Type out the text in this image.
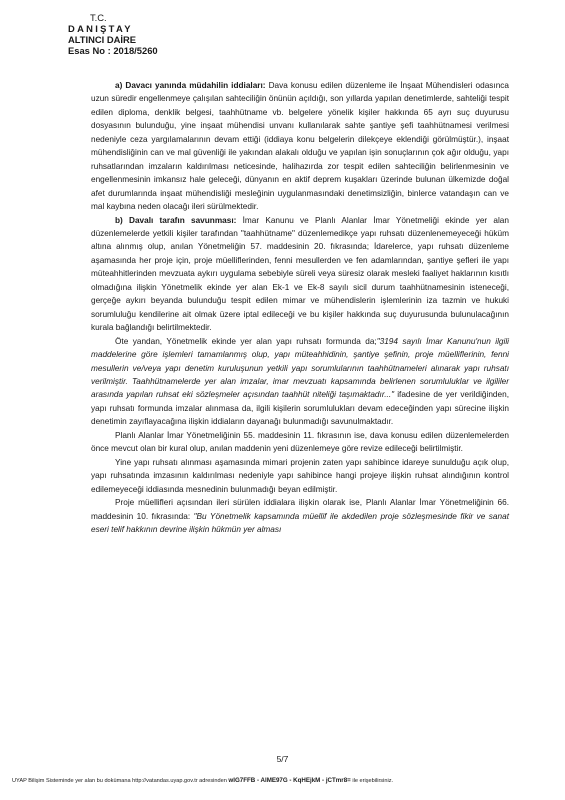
T.C.
DANIŞTAY
ALTINCI DAİRE
Esas No : 2018/5260

a) Davacı yanında müdahilin iddiaları: Dava konusu edilen düzenleme ile İnşaat Mühendisleri odasınca uzun süredir engellenmeye çalışılan sahteciliğin önünün açıldığı, son yıllarda yapılan denetimlerde, sahteliği tespit edilen diploma, denklik belgesi, taahhütname vb. belgelere yönelik kişiler hakkında 65 ayrı suç duyurusu dosyasının bulunduğu, yine inşaat mühendisi unvanı kullanılarak sahte şantiye şefi taahhütnamesi verilmesi nedeniyle ceza yargılamalarının devam ettiği (iddiaya konu belgelerin dilekçeye eklendiği görülmüştür.), inşaat mühendisliğinin can ve mal güvenliği ile yakından alakalı olduğu ve yapılan işin sonuçlarının çok ağır olduğu, yapı ruhsatlarından imzaların kaldırılması neticesinde, halihazırda zor tespit edilen sahteciliğin belirlenmesinin ve engellenmesinin imkansız hale geleceği, dünyanın en aktif deprem kuşakları üzerinde bulunan ülkemizde doğal afet durumlarında inşaat mühendisliği mesleğinin uygulanmasındaki denetimsizliğin, binlerce vatandaşın can ve mal kaybına neden olacağı ileri sürülmektedir.

b) Davalı tarafın savunması: İmar Kanunu ve Planlı Alanlar İmar Yönetmeliği ekinde yer alan düzenlemelerde yetkili kişiler tarafından "taahhütname" düzenlemedikçe yapı ruhsatı düzenlenemeyeceği hüküm altına alınmış olup, anılan Yönetmeliğin 57. maddesinin 20. fıkrasında; İdarelerce, yapı ruhsatı düzenleme aşamasında her proje için, proje müelliflerinden, fenni mesullerden ve fen adamlarından, şantiye şefleri ile yapı müteahhitlerinden mevzuata aykırı uygulama sebebiyle süreli veya süresiz olarak mesleki faaliyet haklarının kısıtlı olmadığına ilişkin Yönetmelik ekinde yer alan Ek-1 ve Ek-8 sayılı sicil durum taahhütnamesinin isteneceği, gerçeğe aykırı beyanda bulunduğu tespit edilen mimar ve mühendislerin işlemlerinin iza tazmin ve hukuki sorumluluğu kendilerine ait olmak üzere iptal edileceği ve bu kişiler hakkında suç duyurusunda bulunulacağının kurala bağlandığı belirtilmektedir.

Öte yandan, Yönetmelik ekinde yer alan yapı ruhsatı formunda da;"3194 sayılı İmar Kanunu'nun ilgili maddelerine göre işlemleri tamamlanmış olup, yapı müteahhidinin, şantiye şefinin, proje müelliflerinin, fenni mesullerin ve/veya yapı denetim kuruluşunun yetkili yapı sorumlularının taahhütnameleri alınarak yapı ruhsatı verilmiştir. Taahhütnamelerde yer alan imzalar, imar mevzuatı kapsamında belirlenen sorumluluklar ve ilgililer arasında yapılan ruhsat eki sözleşmeler açısından taahhüt niteliği taşımaktadır..." ifadesine de yer verildiğinden, yapı ruhsatı formunda imzalar alınmasa da, ilgili kişilerin sorumlulukları devam edeceğinden yapı sürecine ilişkin denetimin zayıflayacağına ilişkin iddiaların dayanağı bulunmadığı savunulmaktadır.

Planlı Alanlar İmar Yönetmeliğinin 55. maddesinin 11. fıkrasının ise, dava konusu edilen düzenlemelerden önce mevcut olan bir kural olup, anılan maddenin yeni düzenlemeye göre revize edileceği belirtilmiştir.

Yine yapı ruhsatı alınması aşamasında mimari projenin zaten yapı sahibince idareye sunulduğu açık olup, yapı ruhsatında imzasının kaldırılması nedeniyle yapı sahibince hangi projeye ilişkin ruhsat alındığının kontrol edilemeyeceği iddiasında mesnedinin bulunmadığı beyan edilmiştir.

Proje müellifleri açısından ileri sürülen iddialara ilişkin olarak ise, Planlı Alanlar İmar Yönetmeliğinin 66. maddesinin 10. fıkrasında: "Bu Yönetmelik kapsamında müellif ile akdedilen proje sözleşmesinde fikir ve sanat eseri telif hakkının devrine ilişkin hükmün yer alması

5/7
UYAP Bilişim Sisteminde yer alan bu dokümana http://vatandas.uyap.gov.tr adresinden wIG7FFB - AlME97G - KqHEjkM - jCTmr8= ile erişebilirsiniz.
